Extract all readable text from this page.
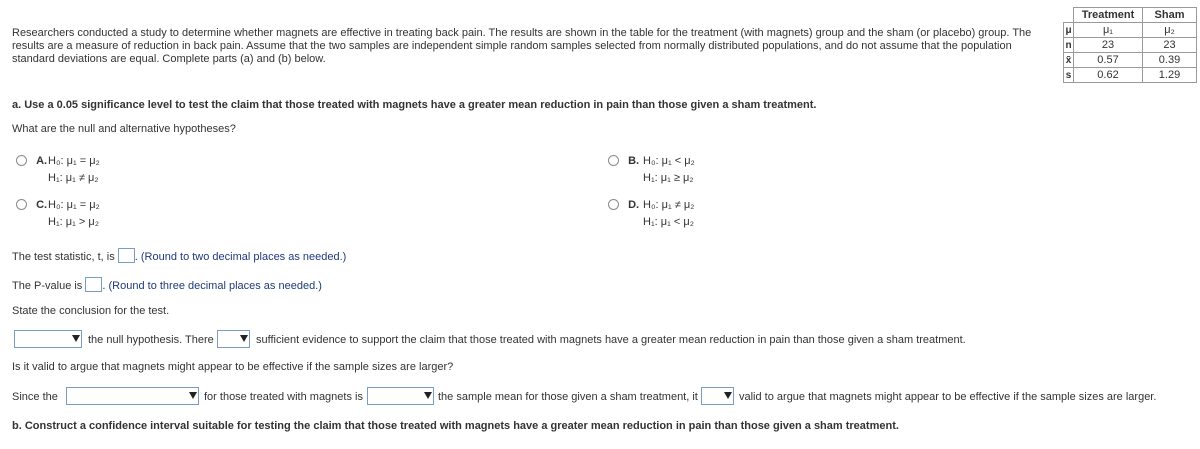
Researchers conducted a study to determine whether magnets are effective in treating back pain. The results are shown in the table for the treatment (with magnets) group and the sham (or placebo) group. The results are a measure of reduction in back pain. Assume that the two samples are independent simple random samples selected from normally distributed populations, and do not assume that the population standard deviations are equal. Complete parts (a) and (b) below.
	Treatment	Sham
μ	μ₁	μ₂
n	23	23
x̄	0.57	0.39
s	0.62	1.29
a. Use a 0.05 significance level to test the claim that those treated with magnets have a greater mean reduction in pain than those given a sham treatment.
What are the null and alternative hypotheses?
A. H₀: μ₁ = μ₂
H₁: μ₁ ≠ μ₂
B. H₀: μ₁ < μ₂
H₁: μ₁ ≥ μ₂
C. H₀: μ₁ = μ₂
H₁: μ₁ > μ₂
D. H₀: μ₁ ≠ μ₂
H₁: μ₁ < μ₂
The test statistic, t, is . (Round to two decimal places as needed.)
The P-value is . (Round to three decimal places as needed.)
State the conclusion for the test.
the null hypothesis. There	sufficient evidence to support the claim that those treated with magnets have a greater mean reduction in pain than those given a sham treatment.
Is it valid to argue that magnets might appear to be effective if the sample sizes are larger?
Since the	for those treated with magnets is	the sample mean for those given a sham treatment, it	valid to argue that magnets might appear to be effective if the sample sizes are larger.
b. Construct a confidence interval suitable for testing the claim that those treated with magnets have a greater mean reduction in pain than those given a sham treatment.
